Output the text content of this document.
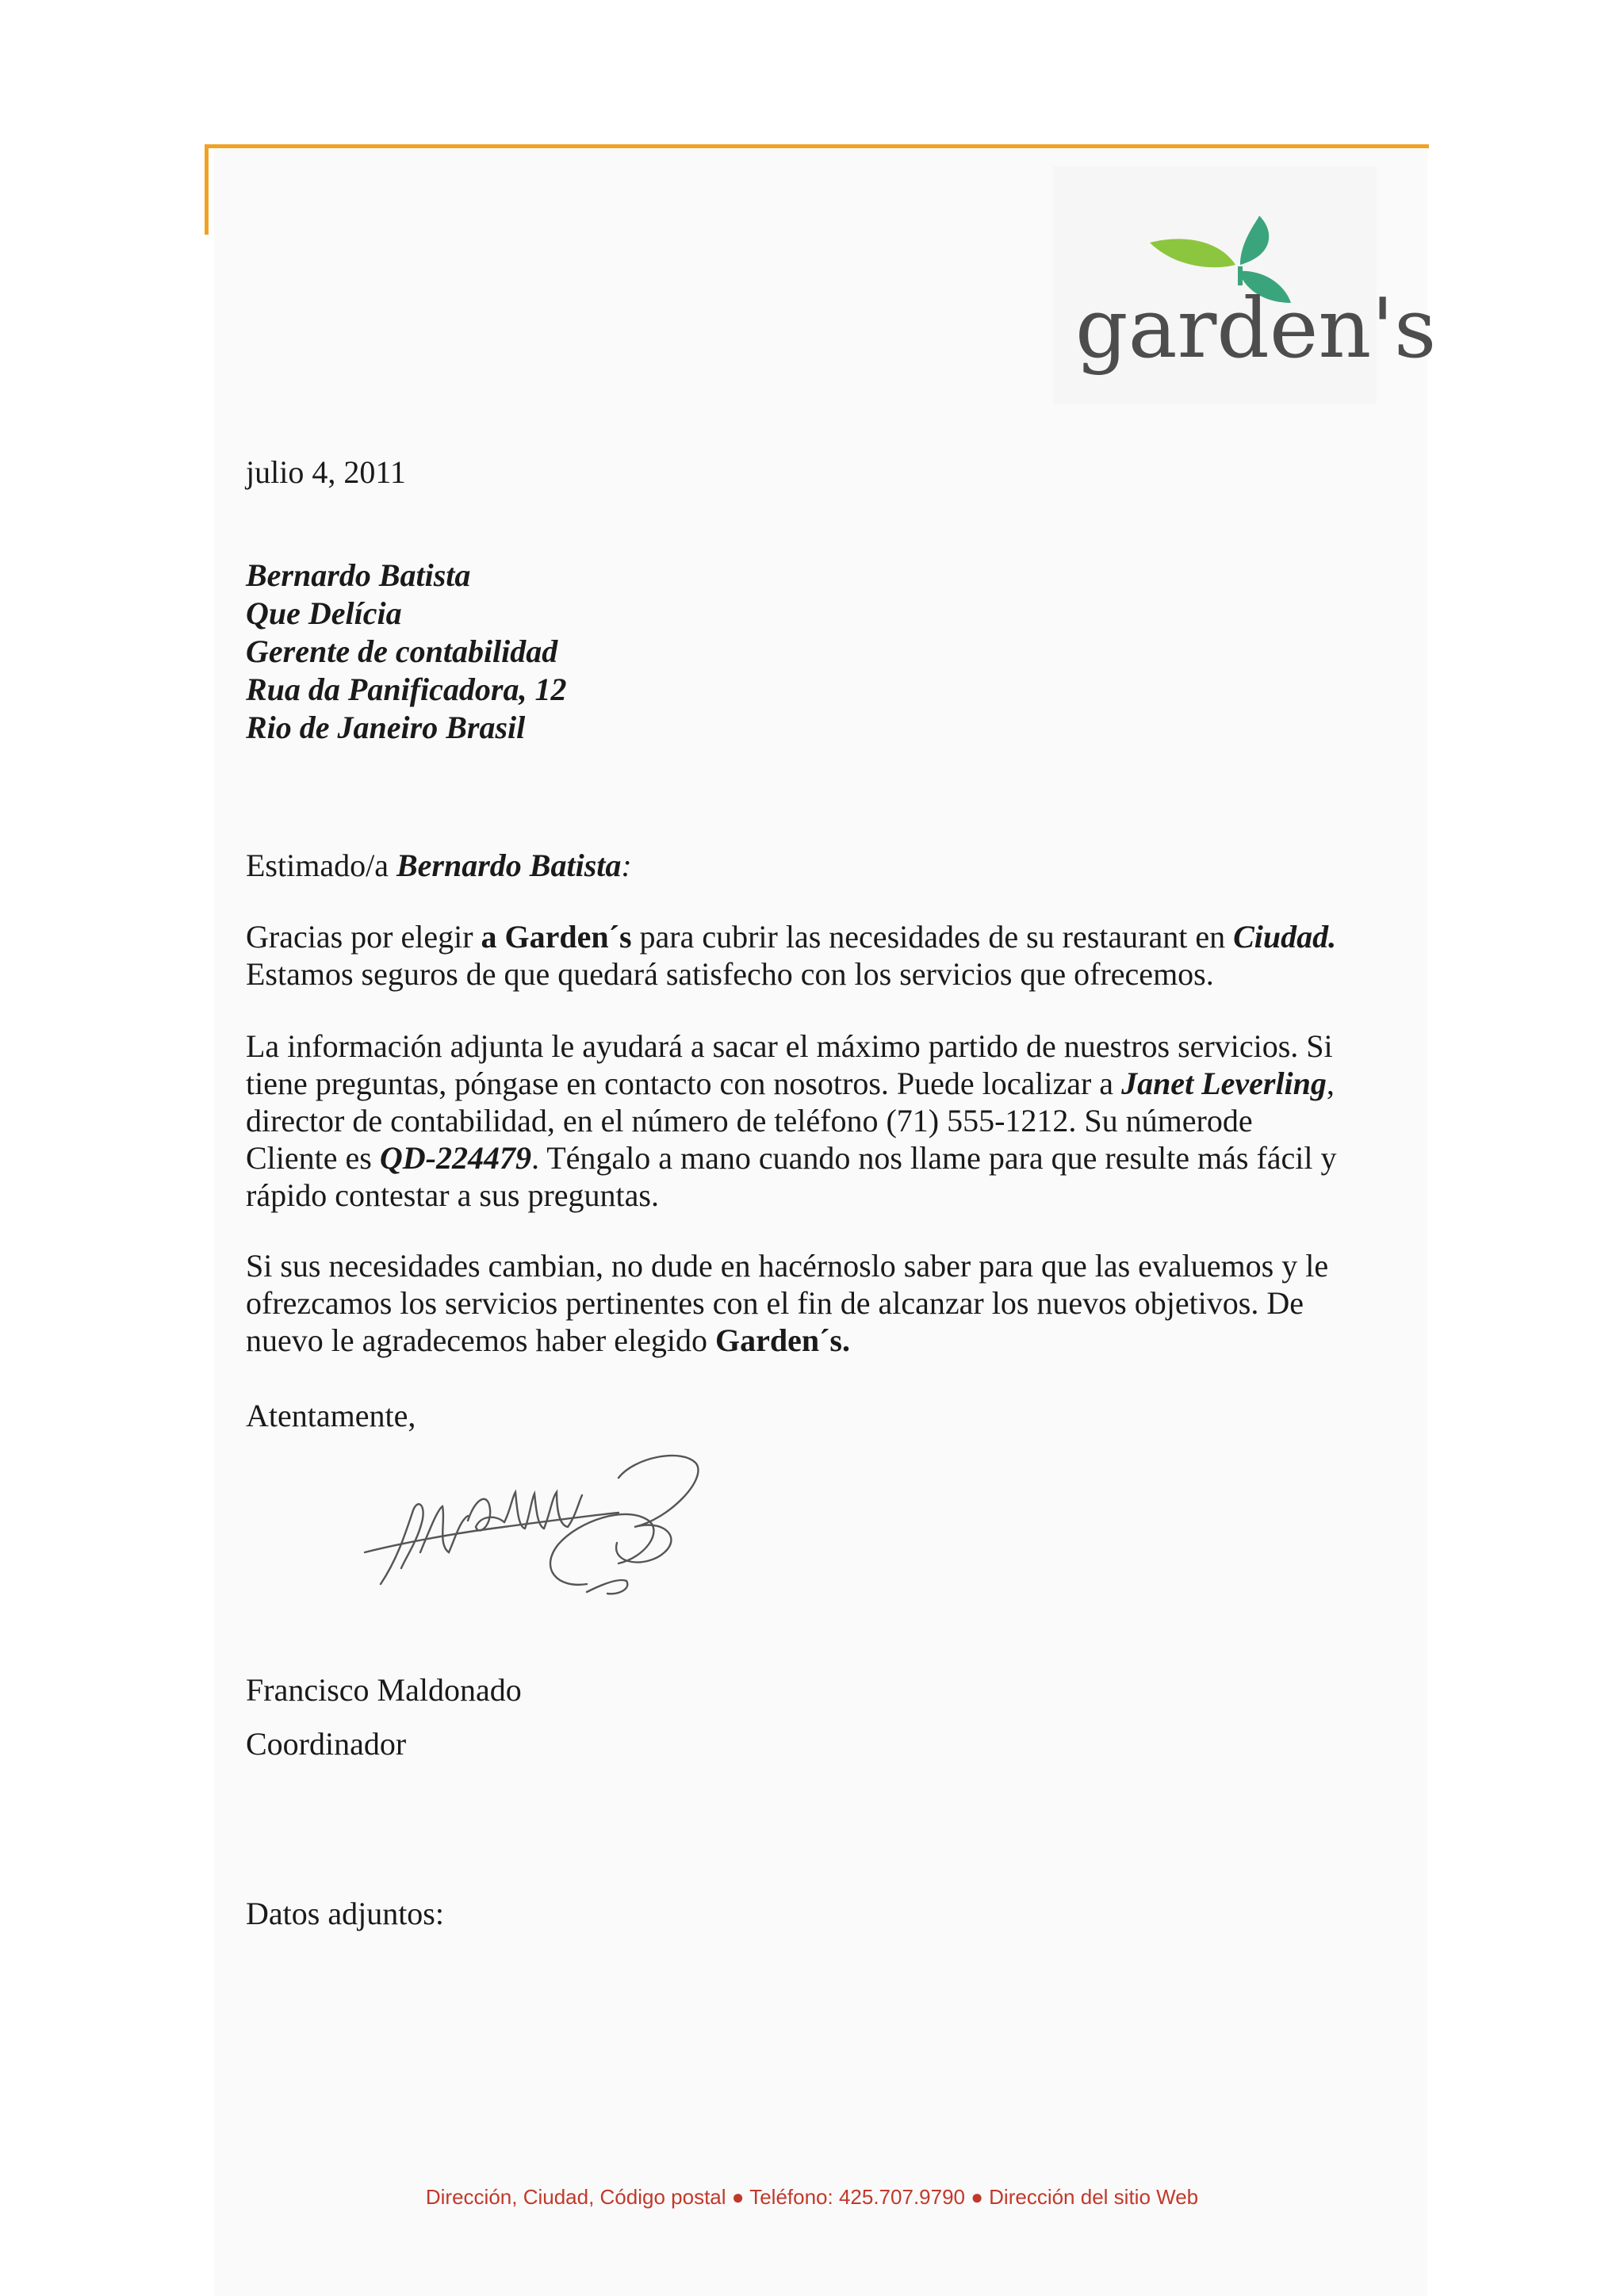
garden's
julio 4, 2011
Bernardo Batista
Que Delícia
Gerente de contabilidad
Rua da Panificadora, 12
Rio de Janeiro Brasil
Estimado/a Bernardo Batista:
Gracias por elegir a Garden´s para cubrir las necesidades de su restaurant en Ciudad.
Estamos seguros de que quedará satisfecho con los servicios que ofrecemos.
La información adjunta le ayudará a sacar el máximo partido de nuestros servicios. Si
tiene preguntas, póngase en contacto con nosotros. Puede localizar a Janet Leverling,
director de contabilidad, en el número de teléfono (71) 555-1212. Su númerode
Cliente es QD-224479. Téngalo a mano cuando nos llame para que resulte más fácil y
rápido contestar a sus preguntas.
Si sus necesidades cambian, no dude en hacérnoslo saber para que las evaluemos y le
ofrezcamos los servicios pertinentes con el fin de alcanzar los nuevos objetivos. De
nuevo le agradecemos haber elegido Garden´s.
Atentamente,
Francisco Maldonado
Coordinador
Datos adjuntos:
Dirección, Ciudad, Código postal ● Teléfono: 425.707.9790 ● Dirección del sitio Web
